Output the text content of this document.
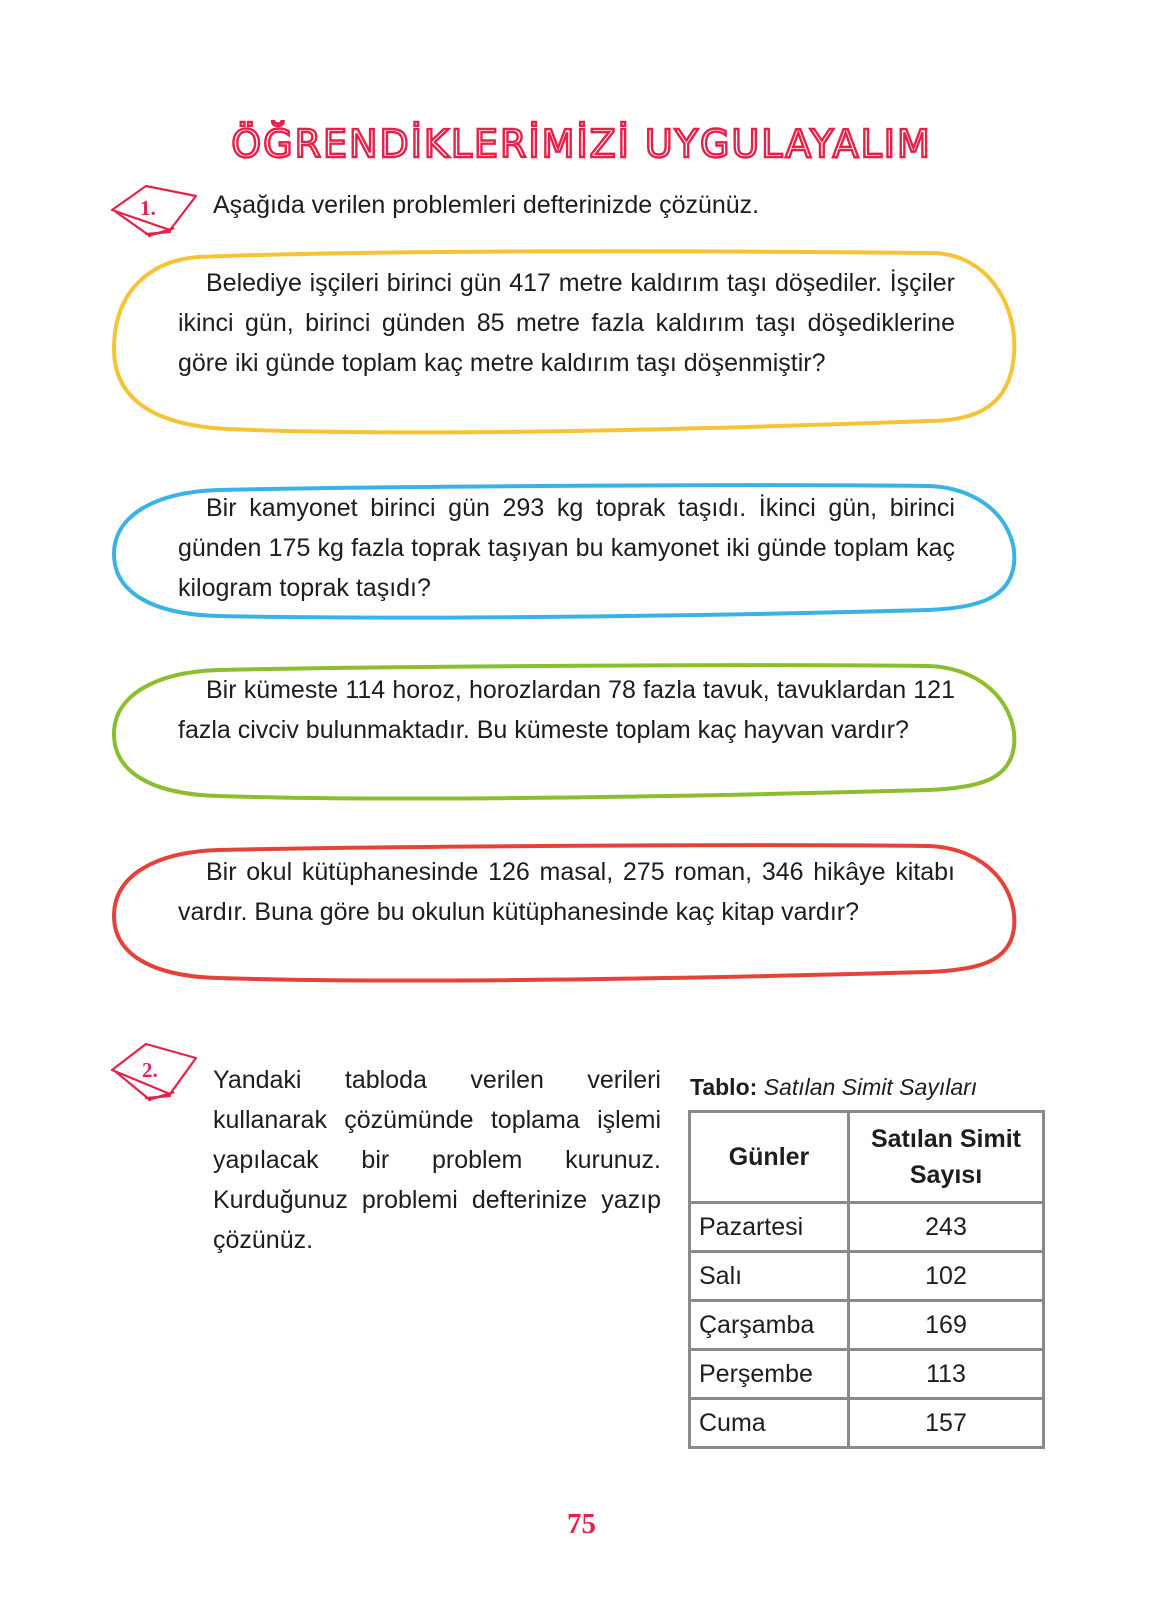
ÖĞRENDİKLERİMİZİ UYGULAYALIM
1. Aşağıda verilen problemleri defterinizde çözünüz.
Belediye işçileri birinci gün 417 metre kaldırım taşı döşediler. İşçiler ikinci gün, birinci günden 85 metre fazla kaldırım taşı döşediklerine göre iki günde toplam kaç metre kaldırım taşı döşenmiştir?
Bir kamyonet birinci gün 293 kg toprak taşıdı. İkinci gün, birinci günden 175 kg fazla toprak taşıyan bu kamyonet iki günde toplam kaç kilogram toprak taşıdı?
Bir kümeste 114 horoz, horozlardan 78 fazla tavuk, tavuklardan 121 fazla civciv bulunmaktadır. Bu kümeste toplam kaç hayvan vardır?
Bir okul kütüphanesinde 126 masal, 275 roman, 346 hikâye kitabı vardır. Buna göre bu okulun kütüphanesinde kaç kitap vardır?
2. Yandaki tabloda verilen verileri kullanarak çözümünde toplama işlemi yapılacak bir problem kurunuz. Kurduğunuz problemi defterinize yazıp çözünüz.
Tablo: Satılan Simit Sayıları
Günler	Satılan Simit Sayısı
Pazartesi	243
Salı	102
Çarşamba	169
Perşembe	113
Cuma	157
75
